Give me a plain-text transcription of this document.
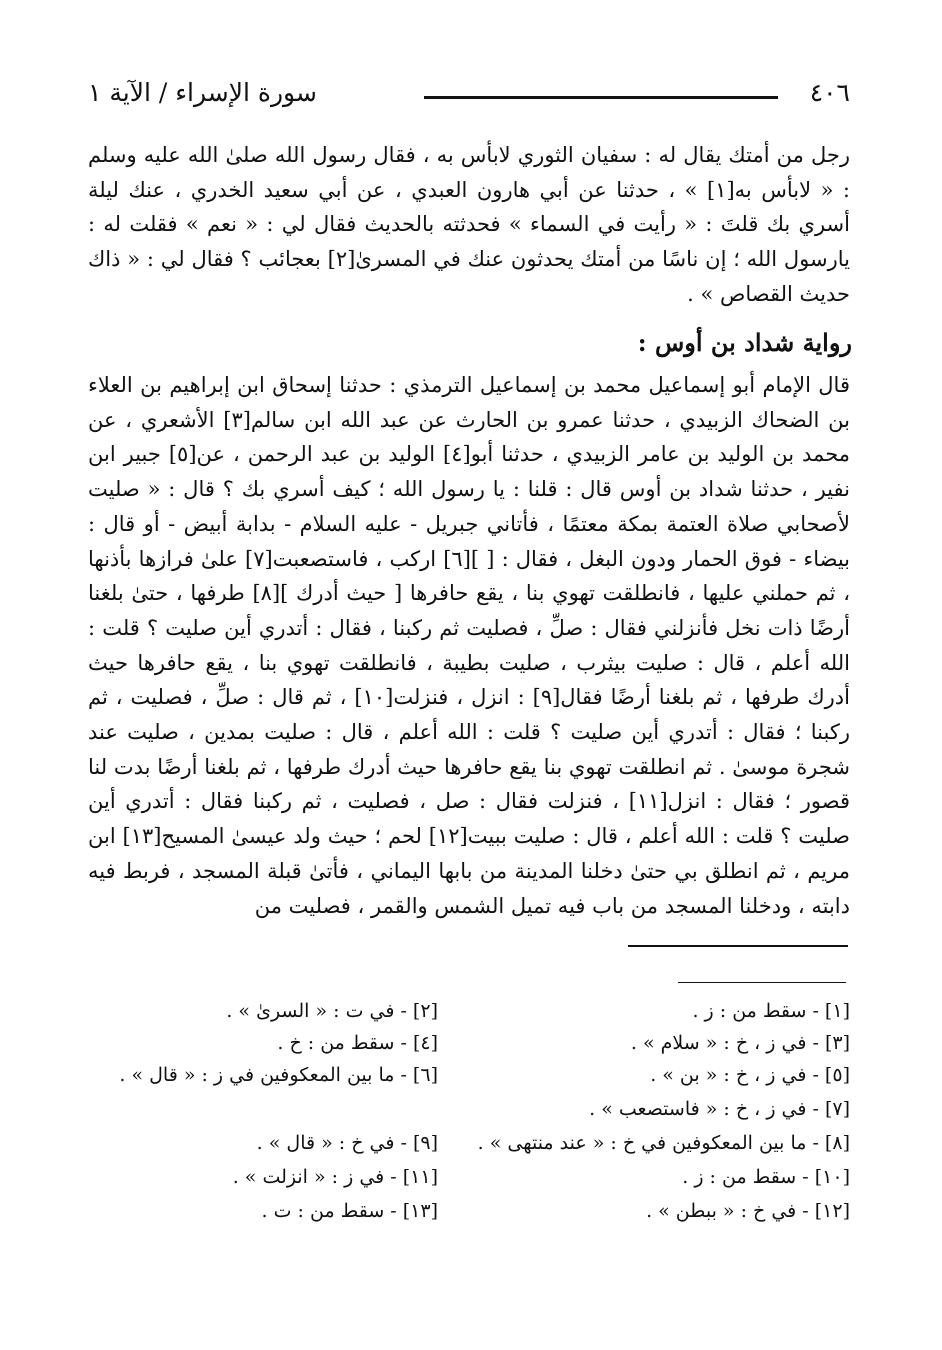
٤٠٦
سورة الإسراء / الآية ١

رجل من أمتك يقال له : سفيان الثوري لابأس به ، فقال رسول الله صلىٰ الله عليه وسلم : « لابأس به[١] » ، حدثنا عن أبي هارون العبدي ، عن أبي سعيد الخدري ، عنك ليلة أسري بك قلتَ : « رأيت في السماء » فحدثته بالحديث فقال لي : « نعم » فقلت له : يارسول الله ؛ إن ناسًا من أمتك يحدثون عنك في المسرىٰ[٢] بعجائب ؟ فقال لي : « ذاك حديث القصاص » .

رواية شداد بن أوس :

قال الإمام أبو إسماعيل محمد بن إسماعيل الترمذي : حدثنا إسحاق ابن إبراهيم بن العلاء بن الضحاك الزبيدي ، حدثنا عمرو بن الحارث عن عبد الله ابن سالم[٣] الأشعري ، عن محمد بن الوليد بن عامر الزبيدي ، حدثنا أبو[٤] الوليد بن عبد الرحمن ، عن[٥] جبير ابن نفير ، حدثنا شداد بن أوس قال : قلنا : يا رسول الله ؛ كيف أسري بك ؟ قال : « صليت لأصحابي صلاة العتمة بمكة معتمًا ، فأتاني جبريل - عليه السلام - بدابة أبيض - أو قال : بيضاء - فوق الحمار ودون البغل ، فقال : [ ][٦] اركب ، فاستصعبت[٧] علىٰ فرازها بأذنها ، ثم حملني عليها ، فانطلقت تهوي بنا ، يقع حافرها [ حيث أدرك ][٨] طرفها ، حتىٰ بلغنا أرضًا ذات نخل فأنزلني فقال : صلِّ ، فصليت ثم ركبنا ، فقال : أتدري أين صليت ؟ قلت : الله أعلم ، قال : صليت بيثرب ، صليت بطيبة ، فانطلقت تهوي بنا ، يقع حافرها حيث أدرك طرفها ، ثم بلغنا أرضًا فقال[٩] : انزل ، فنزلت[١٠] ، ثم قال : صلِّ ، فصليت ، ثم ركبنا ؛ فقال : أتدري أين صليت ؟ قلت : الله أعلم ، قال : صليت بمدين ، صليت عند شجرة موسىٰ . ثم انطلقت تهوي بنا يقع حافرها حيث أدرك طرفها ، ثم بلغنا أرضًا بدت لنا قصور ؛ فقال : انزل[١١] ، فنزلت فقال : صل ، فصليت ، ثم ركبنا فقال : أتدري أين صليت ؟ قلت : الله أعلم ، قال : صليت ببيت[١٢] لحم ؛ حيث ولد عيسىٰ المسيح[١٣] ابن مريم ، ثم انطلق بي حتىٰ دخلنا المدينة من بابها اليماني ، فأتىٰ قبلة المسجد ، فربط فيه دابته ، ودخلنا المسجد من باب فيه تميل الشمس والقمر ، فصليت من

[١] - سقط من : ز .
[٢] - في ت : « السرىٰ » .
[٣] - في ز ، خ : « سلام » .
[٤] - سقط من : خ .
[٥] - في ز ، خ : « بن » .
[٦] - ما بين المعكوفين في ز : « قال » .
[٧] - في ز ، خ : « فاستصعب » .
[٨] - ما بين المعكوفين في خ : « عند منتهى » .
[٩] - في خ : « قال » .
[١٠] - سقط من : ز .
[١١] - في ز : « انزلت » .
[١٢] - في خ : « ببطن » .
[١٣] - سقط من : ت .
